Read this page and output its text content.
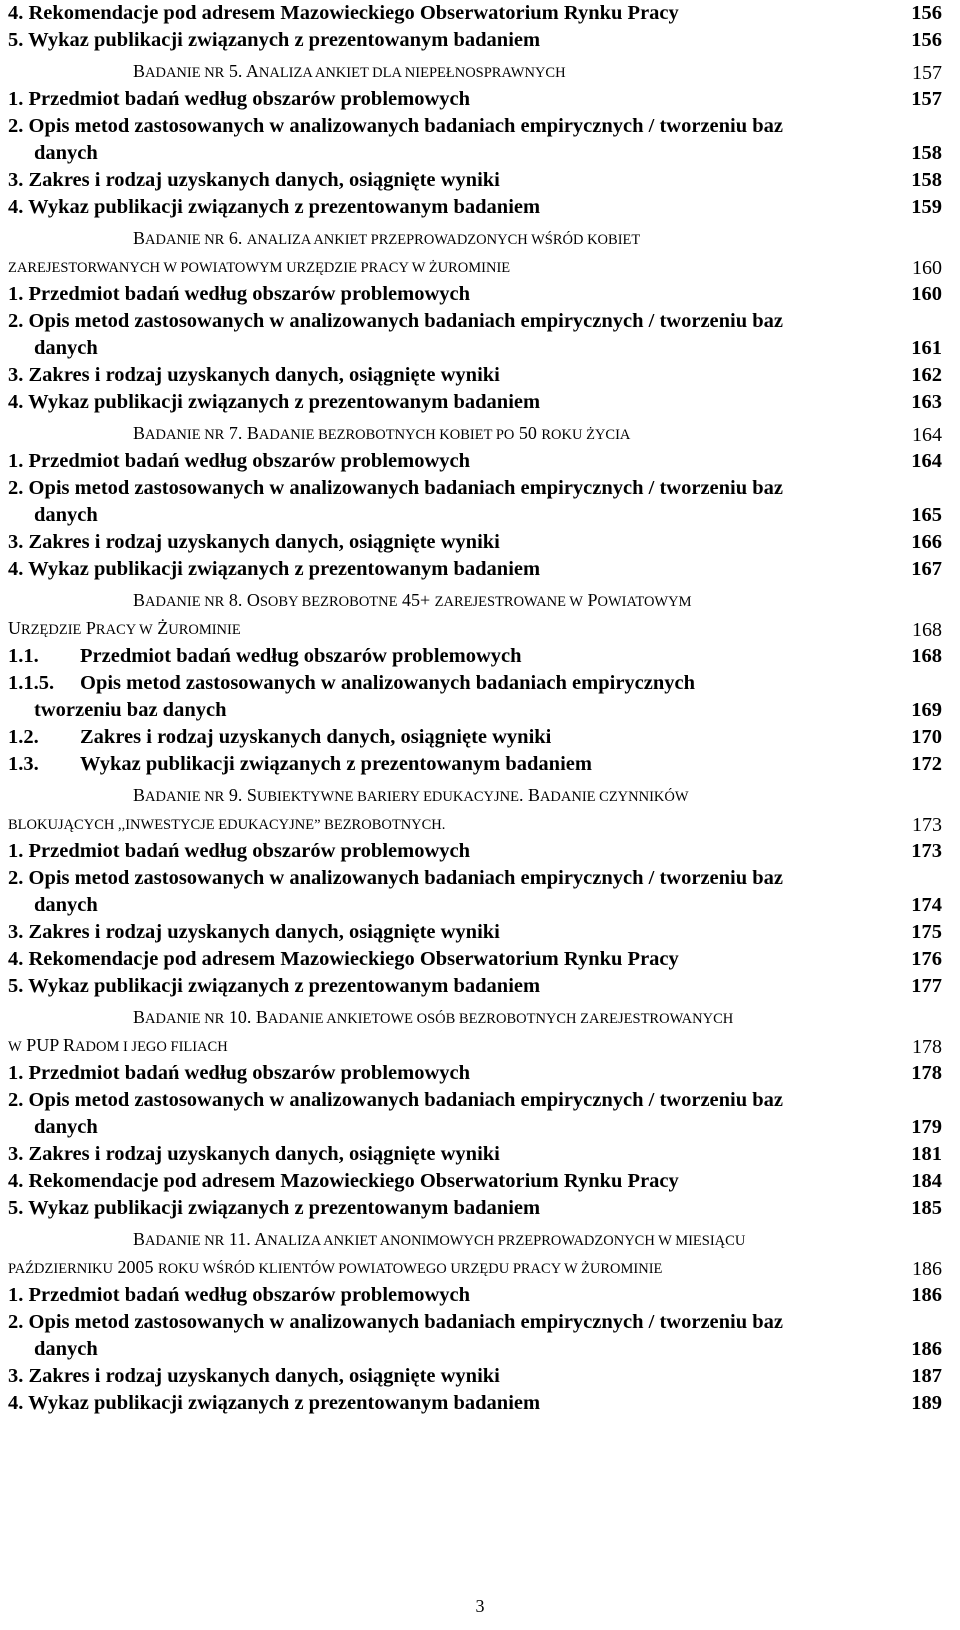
4. Rekomendacje pod adresem Mazowieckiego Obserwatorium Rynku Pracy	156
5. Wykaz publikacji związanych z prezentowanym badaniem	156
BADANIE NR 5. ANALIZA ANKIET DLA NIEPEŁNOSPRAWNYCH	157
1. Przedmiot badań według obszarów problemowych	157
2. Opis metod zastosowanych w analizowanych badaniach empirycznych / tworzeniu baz
danych	158
3. Zakres i rodzaj uzyskanych danych, osiągnięte wyniki	158
4. Wykaz publikacji związanych z prezentowanym badaniem	159
BADANIE NR 6. ANALIZA ANKIET PRZEPROWADZONYCH WŚRÓD KOBIET
ZAREJESTORWANYCH W POWIATOWYM URZĘDZIE PRACY W ŻUROMINIE	160
1. Przedmiot badań według obszarów problemowych	160
2. Opis metod zastosowanych w analizowanych badaniach empirycznych / tworzeniu baz
danych	161
3. Zakres i rodzaj uzyskanych danych, osiągnięte wyniki	162
4. Wykaz publikacji związanych z prezentowanym badaniem	163
BADANIE NR 7. BADANIE BEZROBOTNYCH KOBIET PO 50 ROKU ŻYCIA	164
1. Przedmiot badań według obszarów problemowych	164
2. Opis metod zastosowanych w analizowanych badaniach empirycznych / tworzeniu baz
danych	165
3. Zakres i rodzaj uzyskanych danych, osiągnięte wyniki	166
4. Wykaz publikacji związanych z prezentowanym badaniem	167
BADANIE NR 8. OSOBY BEZROBOTNE 45+ ZAREJESTROWANE W POWIATOWYM
URZĘDZIE PRACY W ŻUROMINIE	168
1.1. Przedmiot badań według obszarów problemowych	168
1.1.5. Opis metod zastosowanych w analizowanych badaniach empirycznych
tworzeniu baz danych	169
1.2. Zakres i rodzaj uzyskanych danych, osiągnięte wyniki	170
1.3. Wykaz publikacji związanych z prezentowanym badaniem	172
BADANIE NR 9. SUBIEKTYWNE BARIERY EDUKACYJNE. BADANIE CZYNNIKÓW
BLOKUJĄCYCH ,,INWESTYCJE EDUKACYJNE” BEZROBOTNYCH.	173
1. Przedmiot badań według obszarów problemowych	173
2. Opis metod zastosowanych w analizowanych badaniach empirycznych / tworzeniu baz
danych	174
3. Zakres i rodzaj uzyskanych danych, osiągnięte wyniki	175
4. Rekomendacje pod adresem Mazowieckiego Obserwatorium Rynku Pracy	176
5. Wykaz publikacji związanych z prezentowanym badaniem	177
BADANIE NR 10. BADANIE ANKIETOWE OSÓB BEZROBOTNYCH ZAREJESTROWANYCH
W PUP RADOM I JEGO FILIACH	178
1. Przedmiot badań według obszarów problemowych	178
2. Opis metod zastosowanych w analizowanych badaniach empirycznych / tworzeniu baz
danych	179
3. Zakres i rodzaj uzyskanych danych, osiągnięte wyniki	181
4. Rekomendacje pod adresem Mazowieckiego Obserwatorium Rynku Pracy	184
5. Wykaz publikacji związanych z prezentowanym badaniem	185
BADANIE NR 11. ANALIZA ANKIET ANONIMOWYCH PRZEPROWADZONYCH W MIESIĄCU
PAŹDZIERNIKU 2005 ROKU WŚRÓD KLIENTÓW POWIATOWEGO URZĘDU PRACY W ŻUROMINIE	186
1. Przedmiot badań według obszarów problemowych	186
2. Opis metod zastosowanych w analizowanych badaniach empirycznych / tworzeniu baz
danych	186
3. Zakres i rodzaj uzyskanych danych, osiągnięte wyniki	187
4. Wykaz publikacji związanych z prezentowanym badaniem	189
3
